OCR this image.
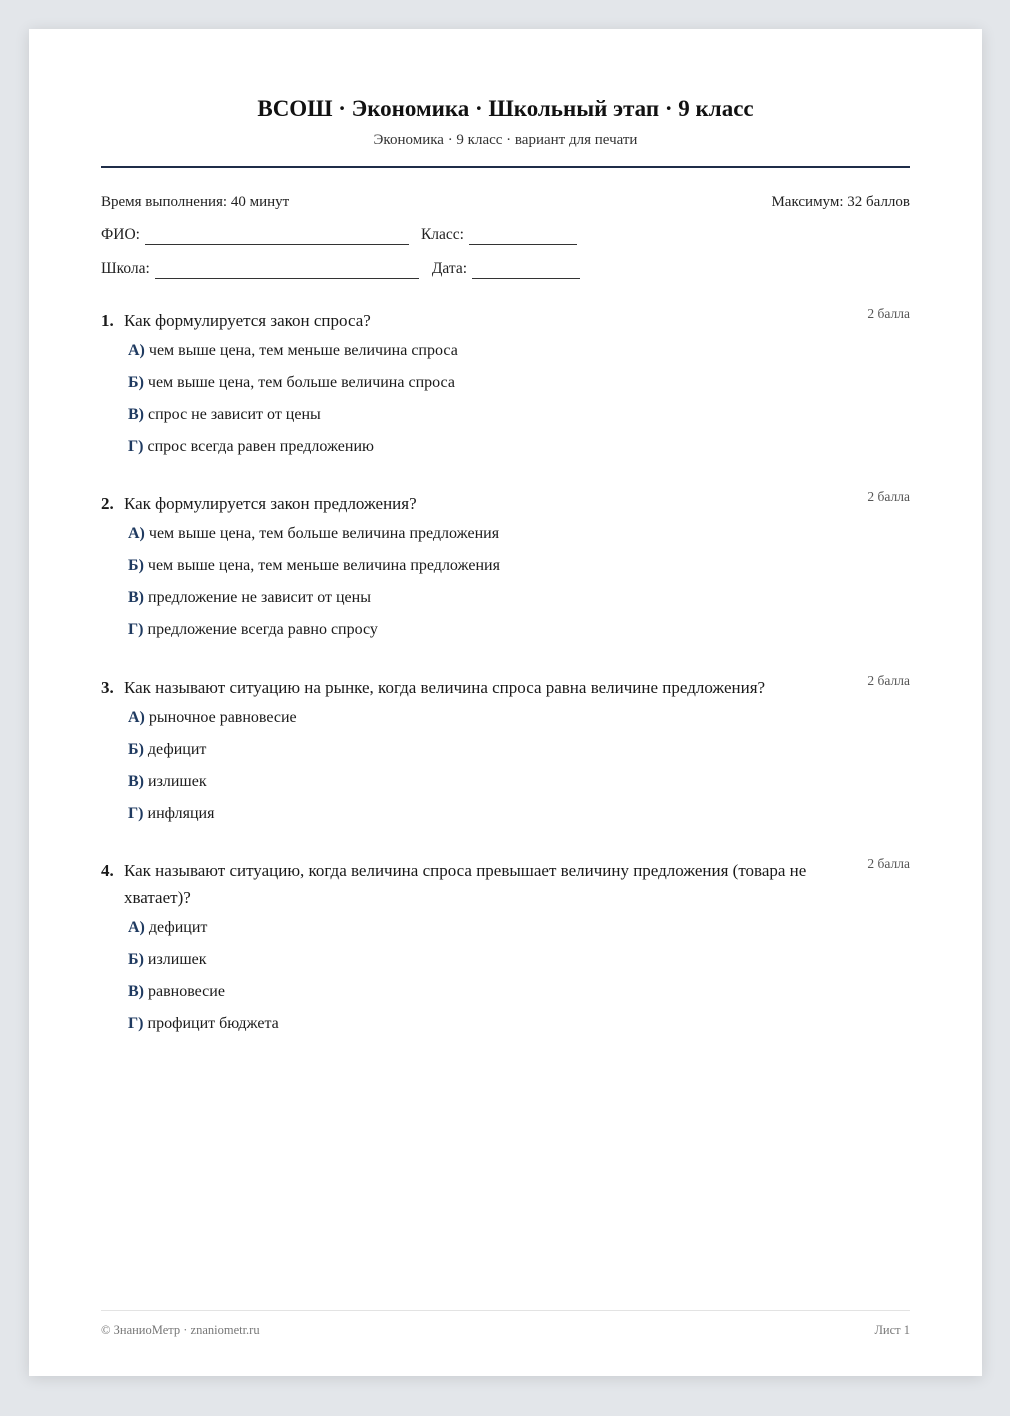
ВСОШ · Экономика · Школьный этап · 9 класс
Экономика · 9 класс · вариант для печати
Время выполнения: 40 минут	Максимум: 32 баллов
ФИО:	Класс:
Школа:	Дата:
1. Как формулируется закон спроса?	2 балла
А) чем выше цена, тем меньше величина спроса
Б) чем выше цена, тем больше величина спроса
В) спрос не зависит от цены
Г) спрос всегда равен предложению
2. Как формулируется закон предложения?	2 балла
А) чем выше цена, тем больше величина предложения
Б) чем выше цена, тем меньше величина предложения
В) предложение не зависит от цены
Г) предложение всегда равно спросу
3. Как называют ситуацию на рынке, когда величина спроса равна величине предложения?	2 балла
А) рыночное равновесие
Б) дефицит
В) излишек
Г) инфляция
4. Как называют ситуацию, когда величина спроса превышает величину предложения (товара не хватает)?
2 балла
А) дефицит
Б) излишек
В) равновесие
Г) профицит бюджета
© ЗнаниоМетр · znaniometr.ru	Лист 1
